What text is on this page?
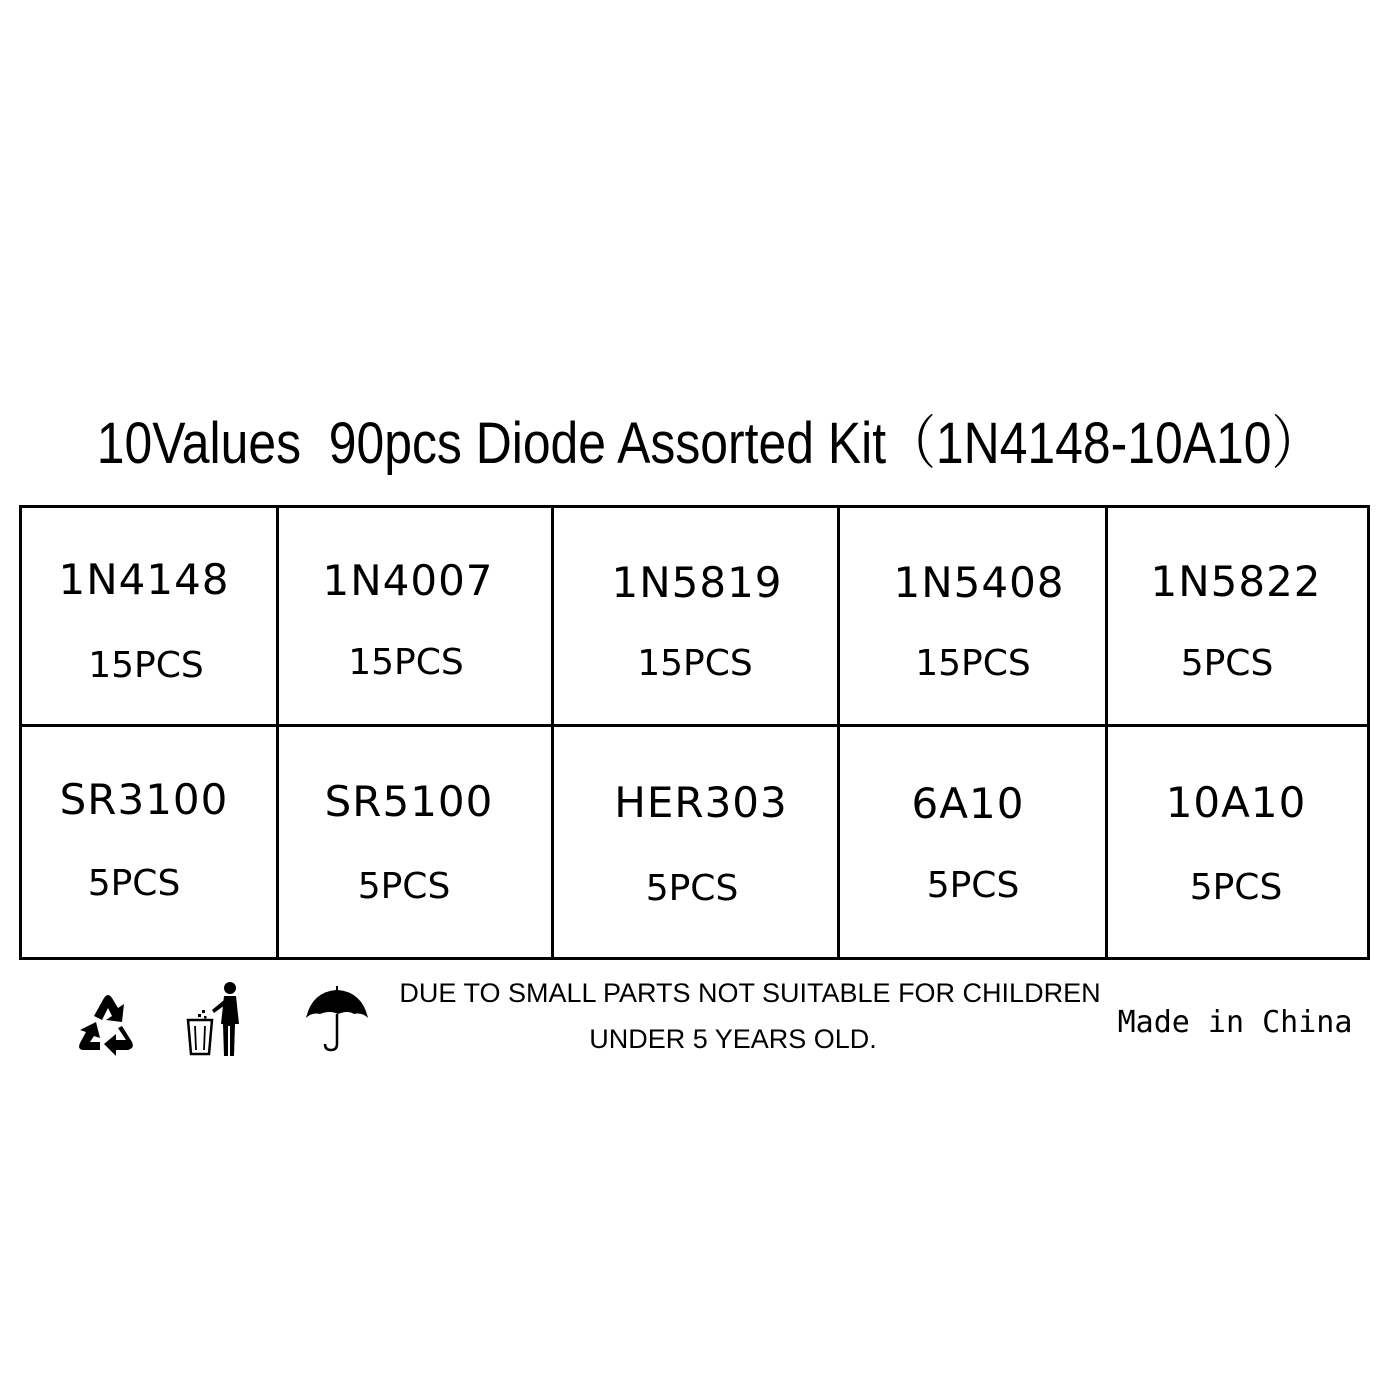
10Values  90pcs Diode Assorted Kit（1N4148-10A10）
1N4148
15PCS
1N4007
15PCS
1N5819
15PCS
1N5408
15PCS
1N5822
5PCS
SR3100
5PCS
SR5100
5PCS
HER303
5PCS
6A10
5PCS
10A10
5PCS
DUE TO SMALL PARTS NOT SUITABLE FOR CHILDREN
UNDER 5 YEARS OLD.	Made in China
